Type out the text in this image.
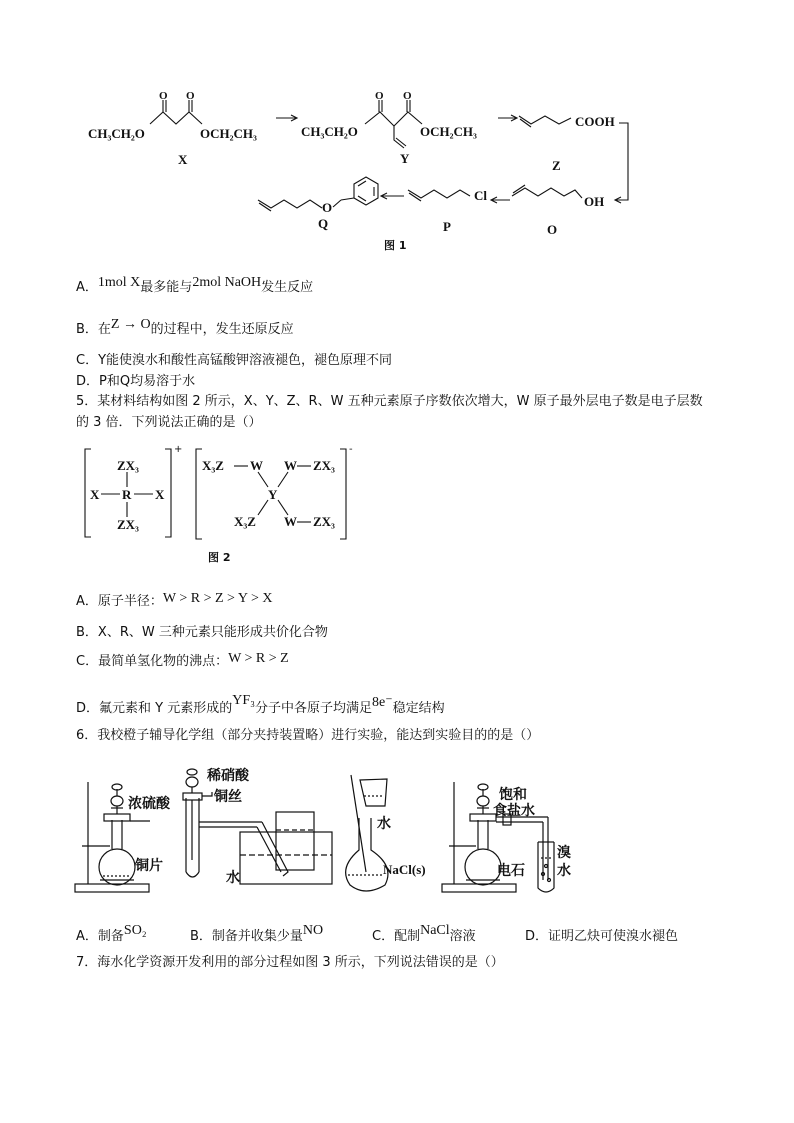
CH₃CH₂O	OCH₂CH₃
O O
X
CH₃CH₂O	OCH₂CH₃
O O
Y
COOH
Z
OH
O
Cl
P
O
Q
图 1
A．1mol X最多能与2mol NaOH发生反应
B．在Z → O的过程中，发生还原反应
C．Y能使溴水和酸性高锰酸钾溶液褪色，褪色原理不同
D．P和Q均易溶于水
5．某材料结构如图 2 所示，X、Y、Z、R、W 五种元素原子序数依次增大，W 原子最外层电子数是电子层数
的 3 倍．下列说法正确的是（）
+
ZX₃
X R X
ZX₃
-
X₃Z W W ZX₃
Y
X₃Z W ZX₃
图 2
A．原子半径：W > R > Z > Y > X
B．X、R、W 三种元素只能形成共价化合物
C．最简单氢化物的沸点：W > R > Z
D．氟元素和 Y 元素形成的YF₃分子中各原子均满足8e⁻稳定结构
6．我校橙子辅导化学组（部分夹持装置略）进行实验，能达到实验目的的是（）
浓硫酸
铜片
稀硝酸
铜丝
水
水
NaCl(s)
饱和
食盐水
电石
溴
水
A．制备SO₂	B．制备并收集少量NO	C．配制NaCl溶液	D．证明乙炔可使溴水褪色
7．海水化学资源开发利用的部分过程如图 3 所示，下列说法错误的是（）
